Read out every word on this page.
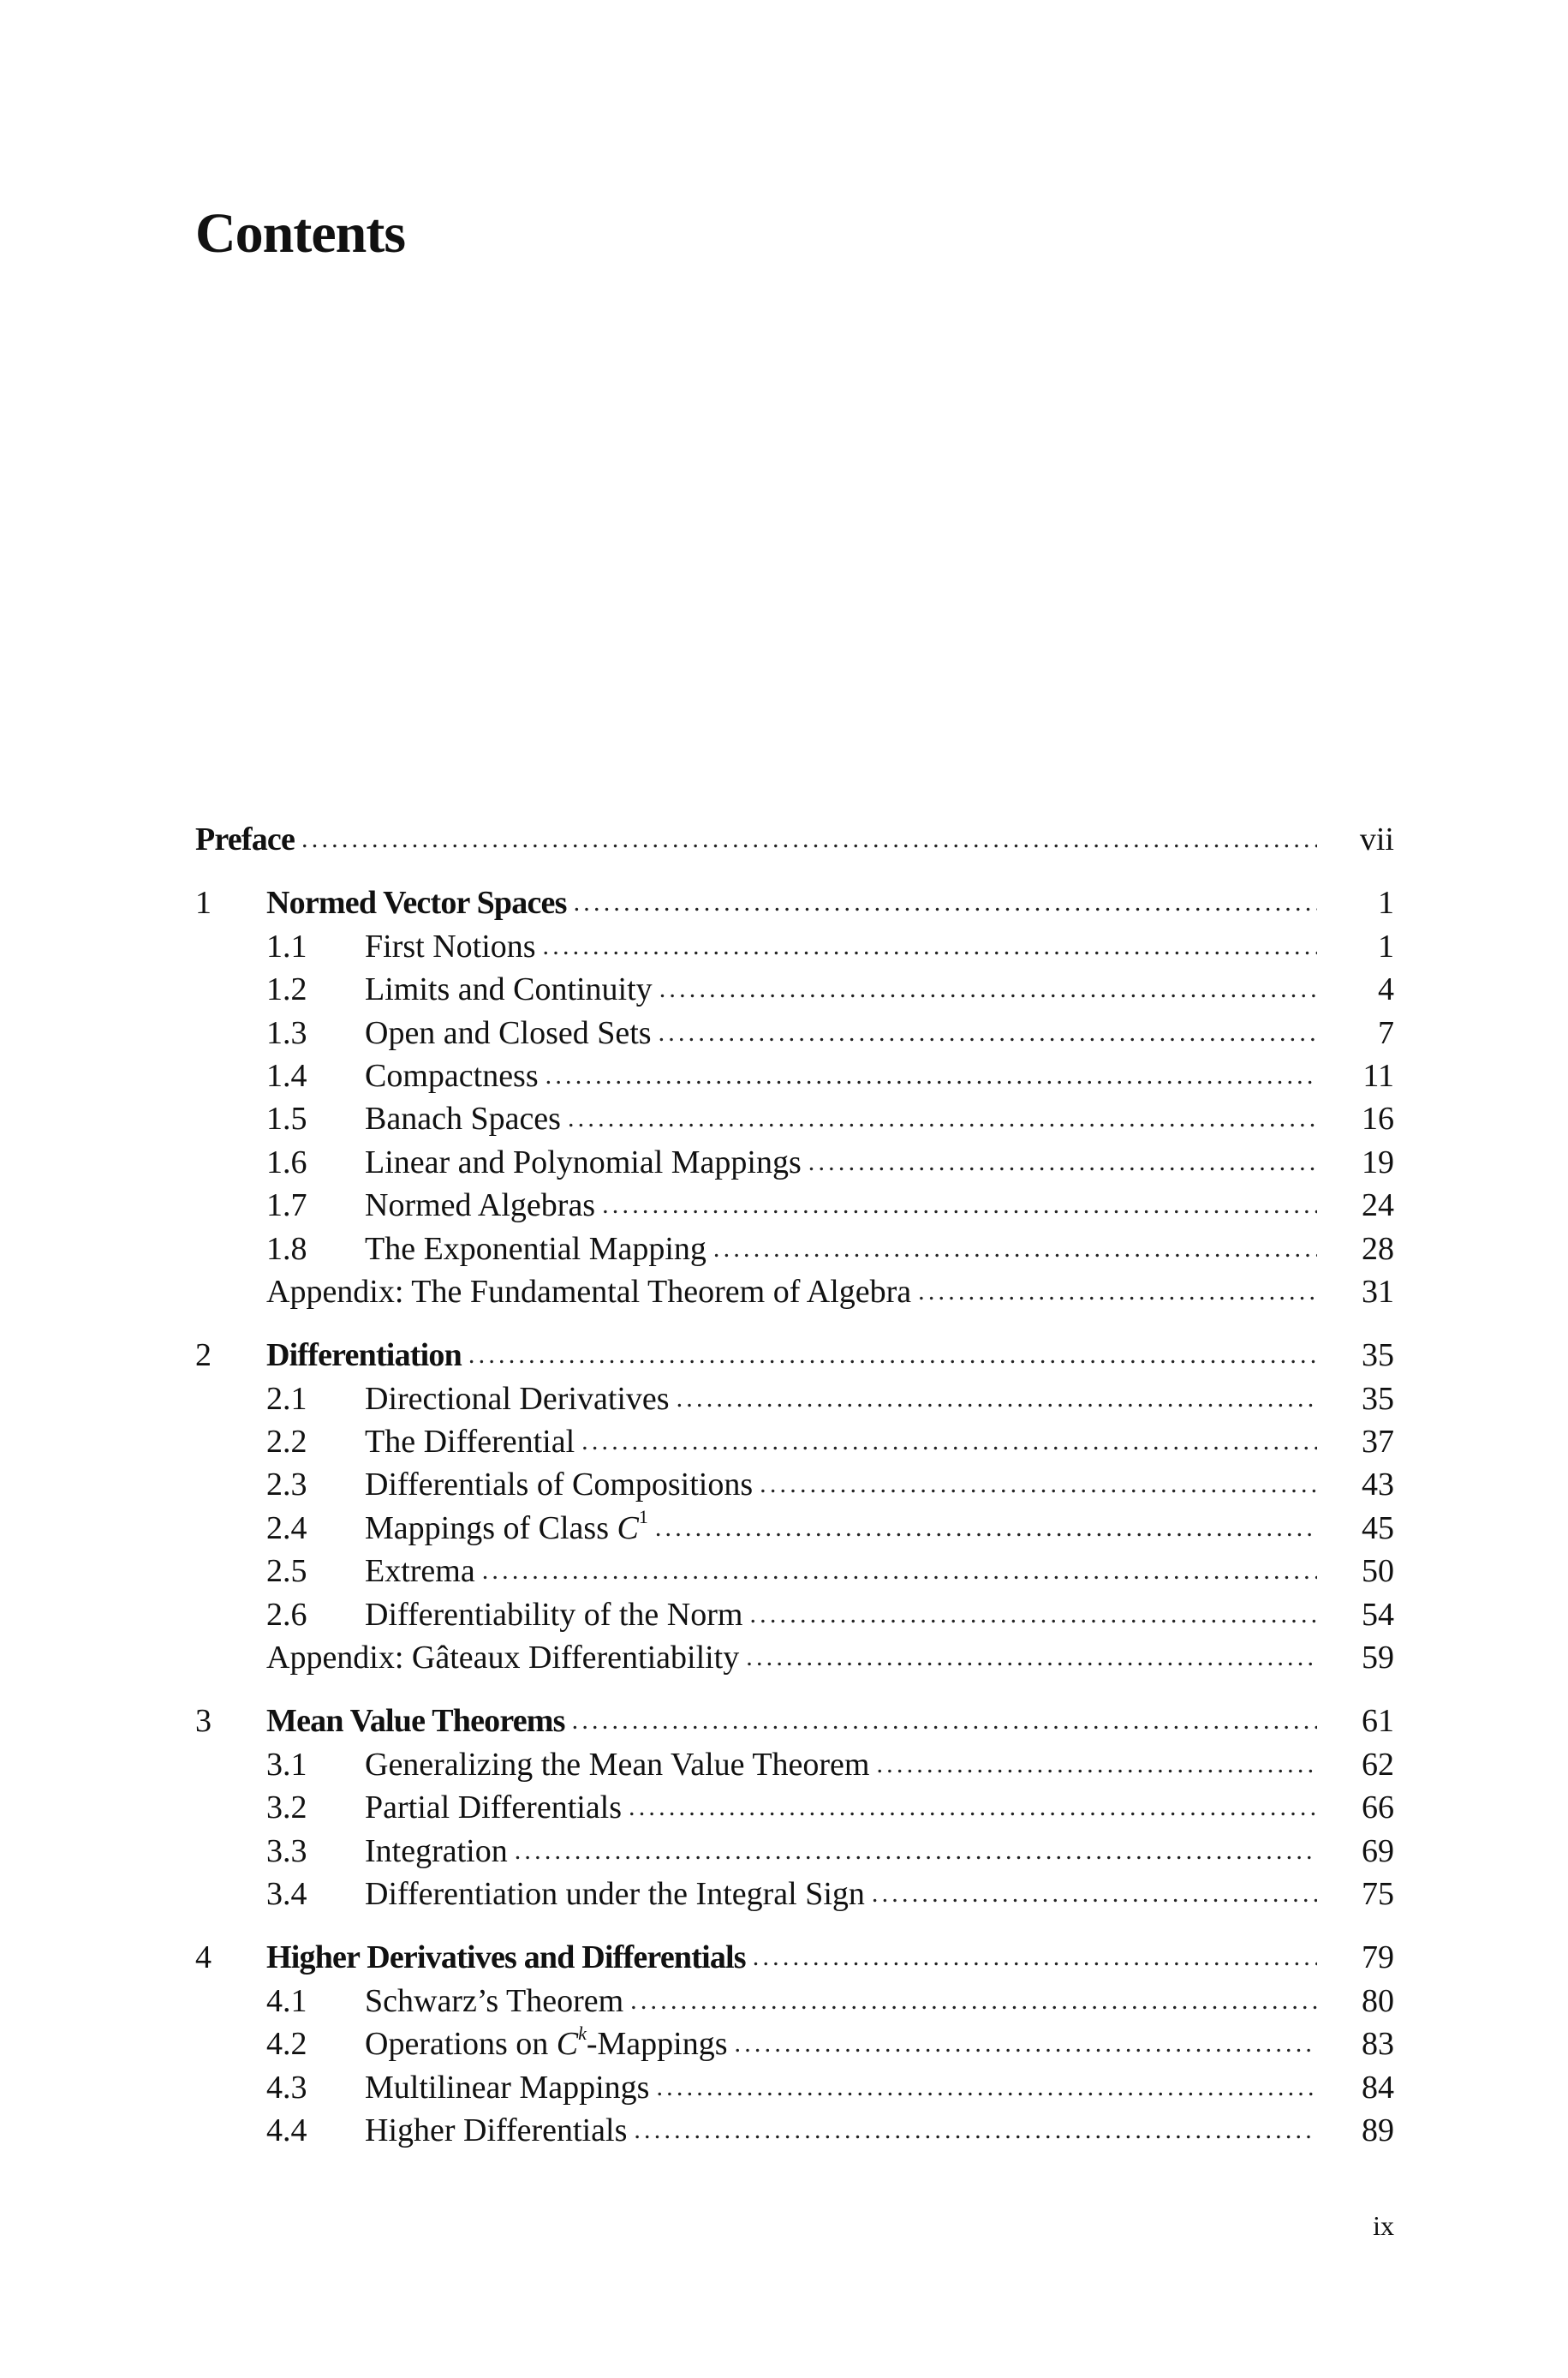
Contents
Preface .....	vii
1 Normed Vector Spaces .....	1
1.1 First Notions .....	1
1.2 Limits and Continuity .....	4
1.3 Open and Closed Sets .....	7
1.4 Compactness .....	11
1.5 Banach Spaces .....	16
1.6 Linear and Polynomial Mappings .....	19
1.7 Normed Algebras .....	24
1.8 The Exponential Mapping .....	28
Appendix: The Fundamental Theorem of Algebra .....	31
2 Differentiation .....	35
2.1 Directional Derivatives .....	35
2.2 The Differential .....	37
2.3 Differentials of Compositions .....	43
2.4 Mappings of Class $C^1$ .....	45
2.5 Extrema .....	50
2.6 Differentiability of the Norm .....	54
Appendix: Gâteaux Differentiability .....	59
3 Mean Value Theorems .....	61
3.1 Generalizing the Mean Value Theorem .....	62
3.2 Partial Differentials .....	66
3.3 Integration .....	69
3.4 Differentiation under the Integral Sign .....	75
4 Higher Derivatives and Differentials .....	79
4.1 Schwarz’s Theorem .....	80
4.2 Operations on $C^k$-Mappings .....	83
4.3 Multilinear Mappings .....	84
4.4 Higher Differentials .....	89
ix
